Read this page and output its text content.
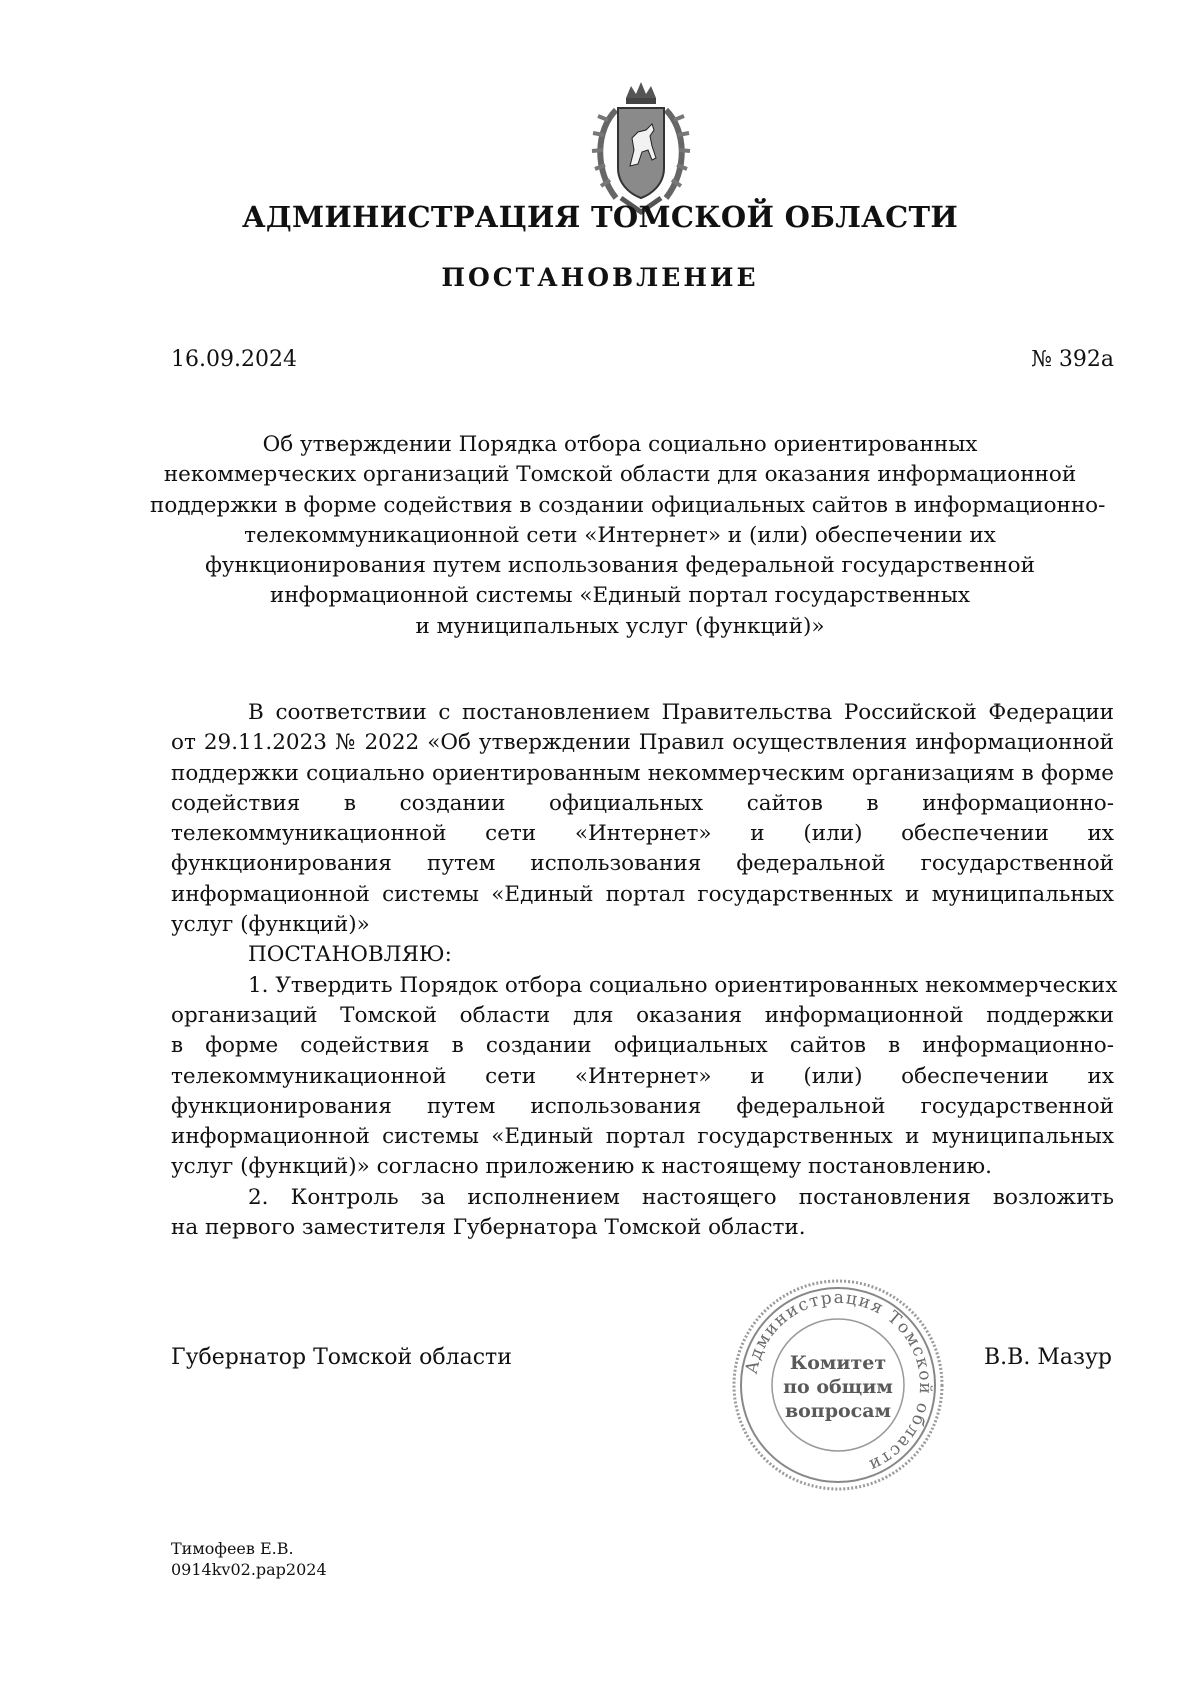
АДМИНИСТРАЦИЯ ТОМСКОЙ ОБЛАСТИ
ПОСТАНОВЛЕНИЕ
16.09.2024	№ 392а
Об утверждении Порядка отбора социально ориентированных
некоммерческих организаций Томской области для оказания информационной
поддержки в форме содействия в создании официальных сайтов в информационно-
телекоммуникационной сети «Интернет» и (или) обеспечении их
функционирования путем использования федеральной государственной
информационной системы «Единый портал государственных
и муниципальных услуг (функций)»

В соответствии с постановлением Правительства Российской Федерации
от 29.11.2023 № 2022 «Об утверждении Правил осуществления информационной
поддержки социально ориентированным некоммерческим организациям в форме
содействия в создании официальных сайтов в информационно-
телекоммуникационной сети «Интернет» и (или) обеспечении их
функционирования путем использования федеральной государственной
информационной системы «Единый портал государственных и муниципальных
услуг (функций)»

ПОСТАНОВЛЯЮ:

1. Утвердить Порядок отбора социально ориентированных некоммерческих
организаций Томской области для оказания информационной поддержки
в форме содействия в создании официальных сайтов в информационно-
телекоммуникационной сети «Интернет» и (или) обеспечении их
функционирования путем использования федеральной государственной
информационной системы «Единый портал государственных и муниципальных
услуг (функций)» согласно приложению к настоящему постановлению.

2. Контроль за исполнением настоящего постановления возложить
на первого заместителя Губернатора Томской области.

Губернатор Томской области	В.В. Мазур
Администрация Томской области
Комитет
по общим
вопросам
Тимофеев Е.В.
0914kv02.pap2024
